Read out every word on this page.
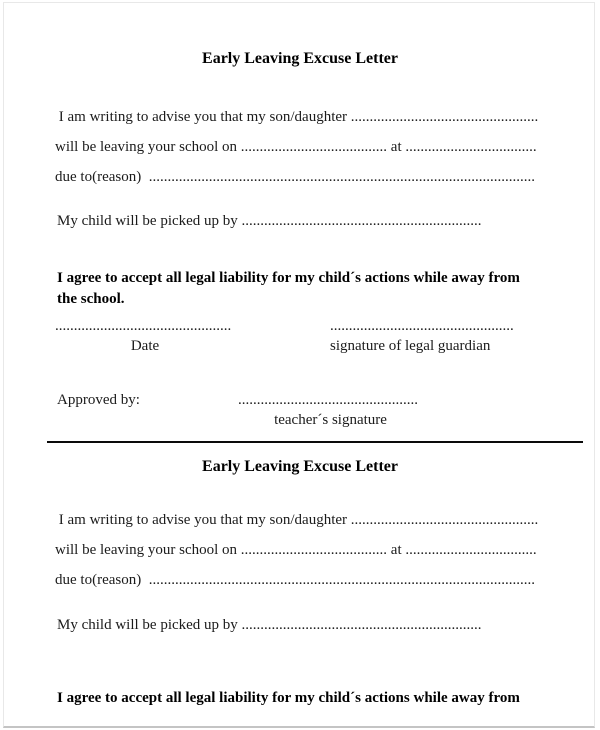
Early Leaving Excuse Letter
I am writing to advise you that my son/daughter ..................................................
will be leaving your school on ....................................... at ...................................
due to(reason)  .......................................................................................................
My child will be picked up by ................................................................
I agree to accept all legal liability for my child´s actions while away from
the school.
...............................................
Date
.................................................
signature of legal guardian
Approved by:	................................................
teacher´s signature
Early Leaving Excuse Letter
I am writing to advise you that my son/daughter ..................................................
will be leaving your school on ....................................... at ...................................
due to(reason)  .......................................................................................................
My child will be picked up by ................................................................
I agree to accept all legal liability for my child´s actions while away from
